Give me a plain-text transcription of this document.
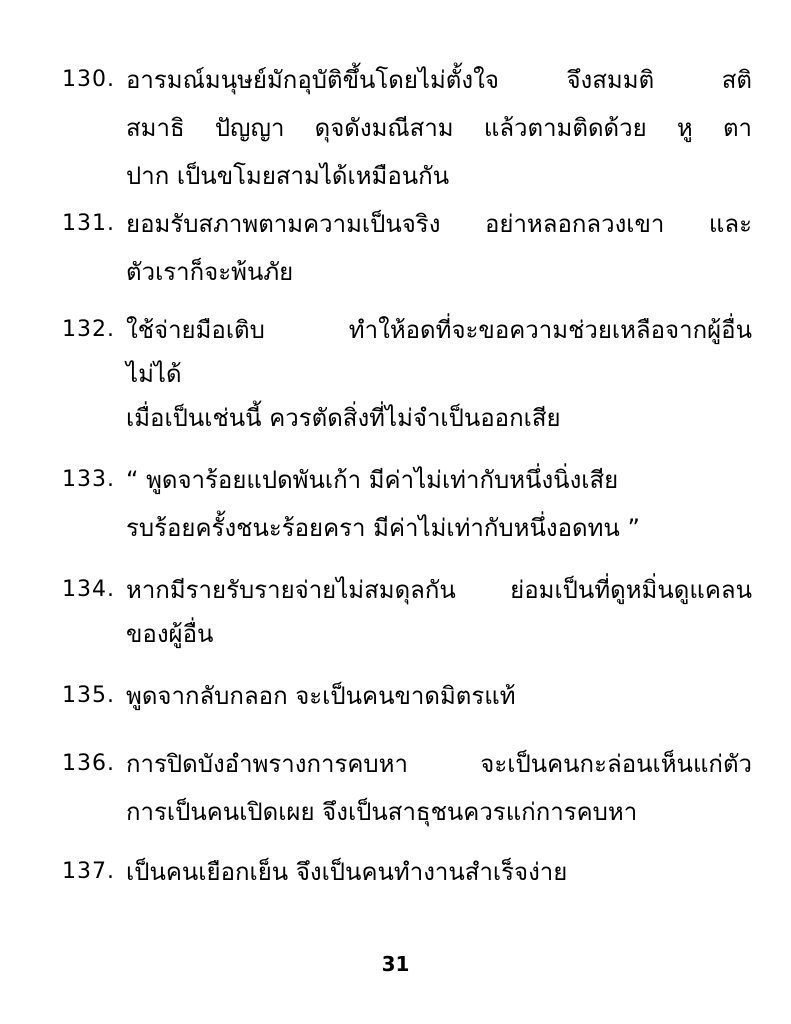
130. อารมณ์มนุษย์มักอุบัติขึ้นโดยไม่ตั้งใจ จึงสมมติ สติ
สมาธิ ปัญญา ดุจดังมณีสาม แล้วตามติดด้วย หู ตา
ปาก เป็นขโมยสามได้เหมือนกัน
131. ยอมรับสภาพตามความเป็นจริง อย่าหลอกลวงเขา และ
ตัวเราก็จะพ้นภัย
132. ใช้จ่ายมือเติบ ทำให้อดที่จะขอความช่วยเหลือจากผู้อื่น
ไม่ได้
เมื่อเป็นเช่นนี้ ควรตัดสิ่งที่ไม่จำเป็นออกเสีย
133. “ พูดจาร้อยแปดพันเก้า มีค่าไม่เท่ากับหนึ่งนิ่งเสีย
รบร้อยครั้งชนะร้อยครา มีค่าไม่เท่ากับหนึ่งอดทน ”
134. หากมีรายรับรายจ่ายไม่สมดุลกัน ย่อมเป็นที่ดูหมิ่นดูแคลน
ของผู้อื่น
135. พูดจากลับกลอก จะเป็นคนขาดมิตรแท้
136. การปิดบังอำพรางการคบหา จะเป็นคนกะล่อนเห็นแก่ตัว
การเป็นคนเปิดเผย จึงเป็นสาธุชนควรแก่การคบหา
137. เป็นคนเยือกเย็น จึงเป็นคนทำงานสำเร็จง่าย
31
